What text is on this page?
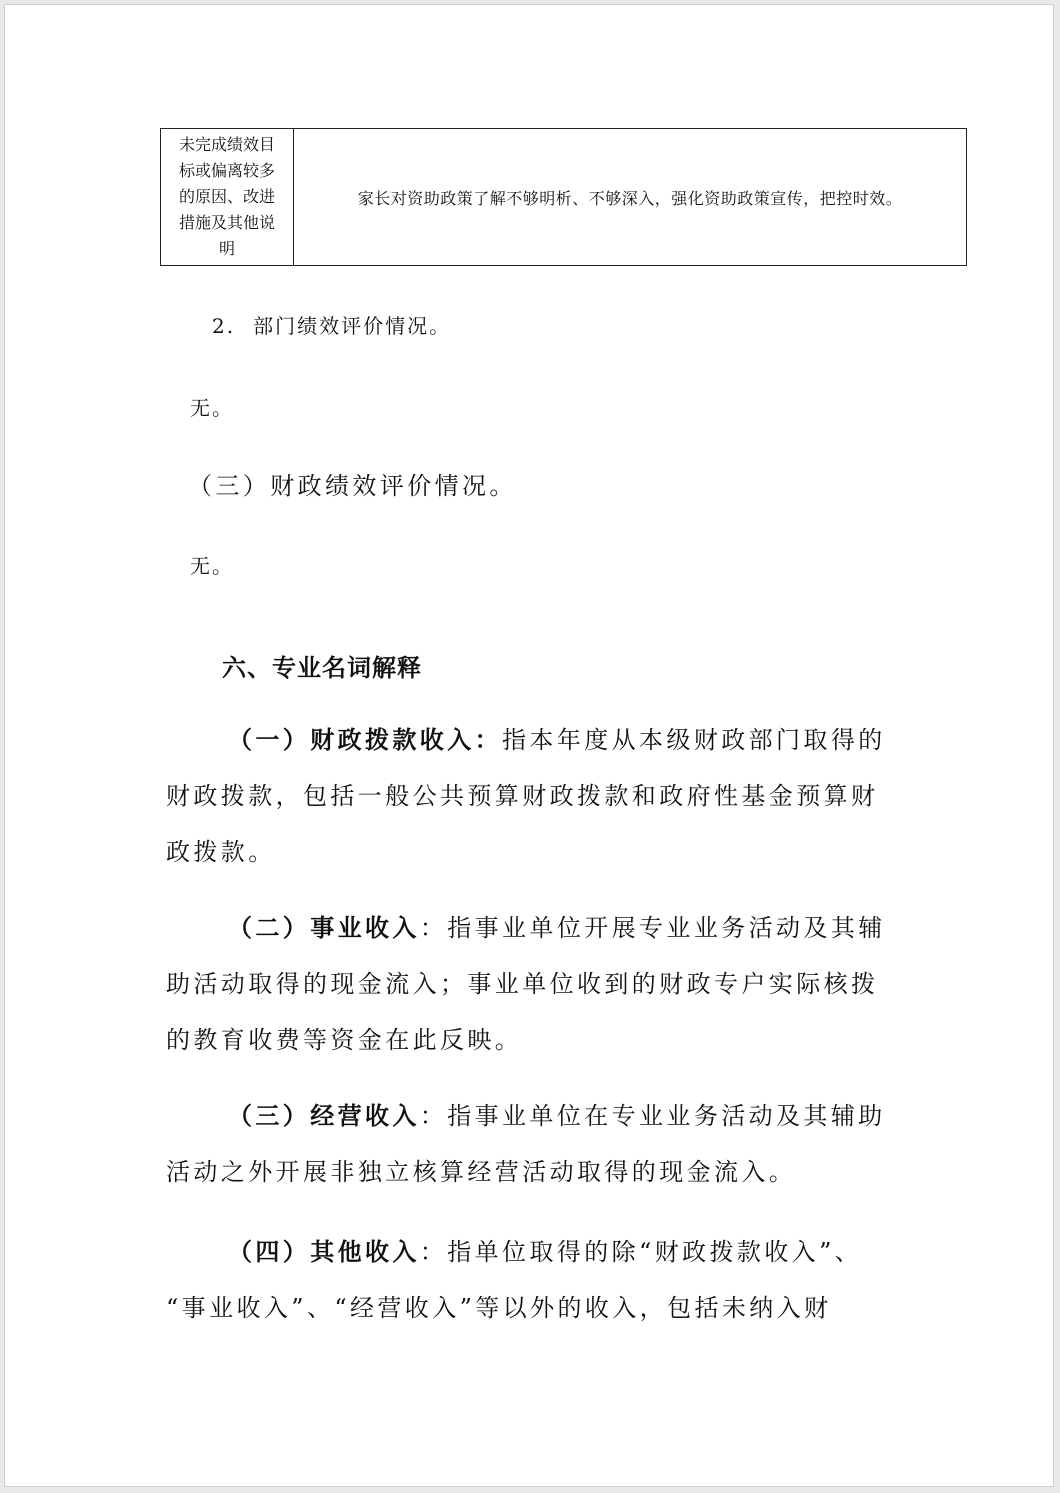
未完成绩效目
标或偏离较多
的原因、改进
措施及其他说
明
	家长对资助政策了解不够明析、不够深入，强化资助政策宣传，把控时效。

2. 部门绩效评价情况。

无。

（三）财政绩效评价情况。

无。

六、专业名词解释

（一）财政拨款收入：指本年度从本级财政部门取得的

财政拨款，包括一般公共预算财政拨款和政府性基金预算财

政拨款。

（二）事业收入：指事业单位开展专业业务活动及其辅

助活动取得的现金流入；事业单位收到的财政专户实际核拨

的教育收费等资金在此反映。

（三）经营收入：指事业单位在专业业务活动及其辅助

活动之外开展非独立核算经营活动取得的现金流入。

（四）其他收入：指单位取得的除“财政拨款收入”、

“事业收入”、“经营收入”等以外的收入，包括未纳入财
